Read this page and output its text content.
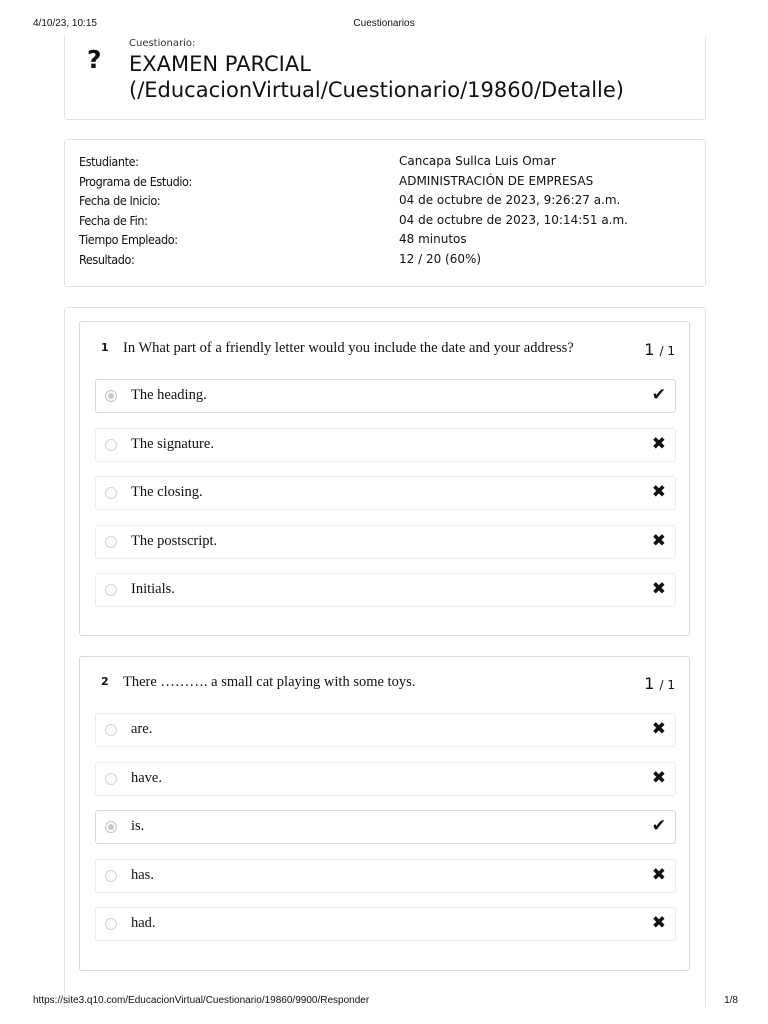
4/10/23, 10:15	Cuestionarios
?
Cuestionario:
EXAMEN PARCIAL (/EducacionVirtual/Cuestionario/19860/Detalle)
Estudiante:	Cancapa Sullca Luis Omar
Programa de Estudio:	ADMINISTRACIÓN DE EMPRESAS
Fecha de Inicio:	04 de octubre de 2023, 9:26:27 a.m.
Fecha de Fin:	04 de octubre de 2023, 10:14:51 a.m.
Tiempo Empleado:	48 minutos
Resultado:	12 / 20 (60%)
1 In What part of a friendly letter would you include the date and your address?	1 / 1
The heading.	✔
The signature.	✖
The closing.	✖
The postscript.	✖
Initials.	✖
2 There ………. a small cat playing with some toys.	1 / 1
are.	✖
have.	✖
is.	✔
has.	✖
had.	✖
https://site3.q10.com/EducacionVirtual/Cuestionario/19860/9900/Responder	1/8
